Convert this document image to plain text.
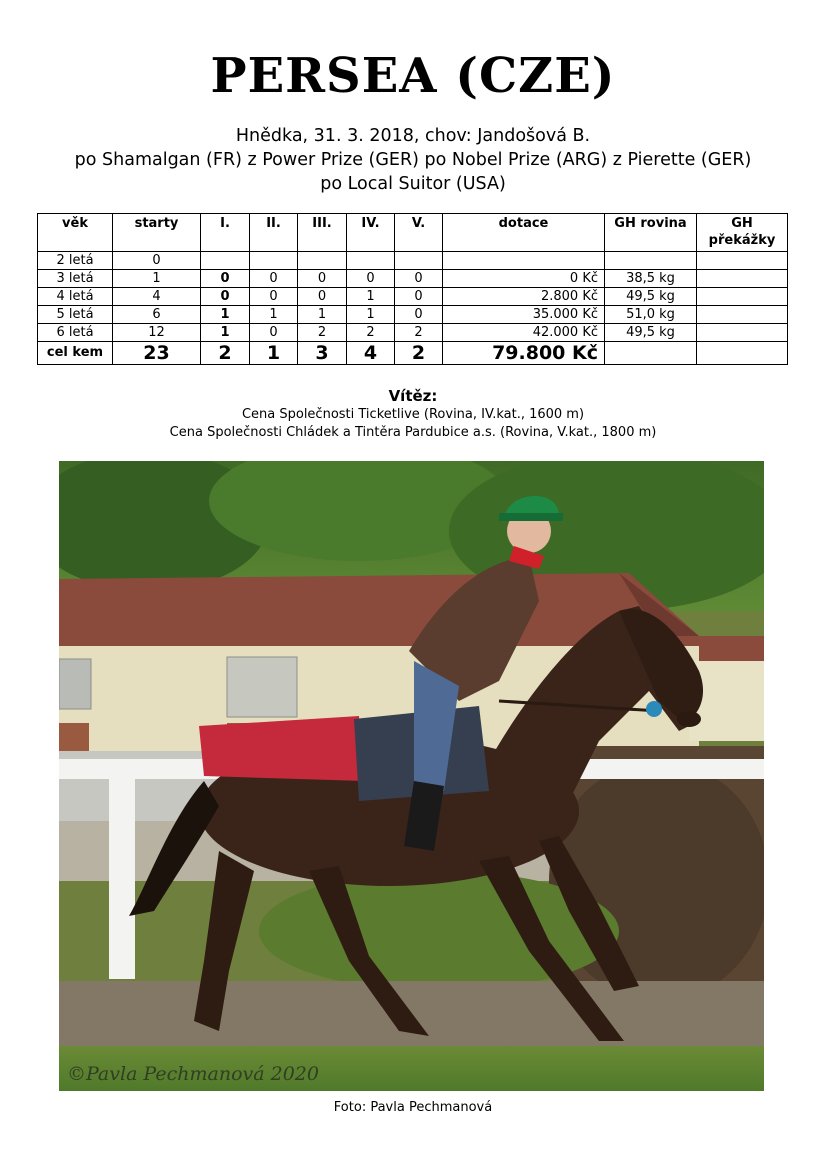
PERSEA (CZE)
Hnědka, 31. 3. 2018, chov: Jandošová B.
po Shamalgan (FR) z Power Prize (GER) po Nobel Prize (ARG) z Pierette (GER)
po Local Suitor (USA)
věk	starty	I.	II.	III.	IV.	V.	dotace	GH rovina	GH překážky
2 letá	0								
3 letá	1	0	0	0	0	0	0 Kč	38,5 kg	
4 letá	4	0	0	0	1	0	2.800 Kč	49,5 kg	
5 letá	6	1	1	1	1	0	35.000 Kč	51,0 kg	
6 letá	12	1	0	2	2	2	42.000 Kč	49,5 kg	
cel kem	23	2	1	3	4	2	79.800 Kč		
Vítěz:
Cena Společnosti Ticketlive (Rovina, IV.kat., 1600 m)
Cena Společnosti Chládek a Tintěra Pardubice a.s. (Rovina, V.kat., 1800 m)
©Pavla Pechmanová 2020
Foto: Pavla Pechmanová
